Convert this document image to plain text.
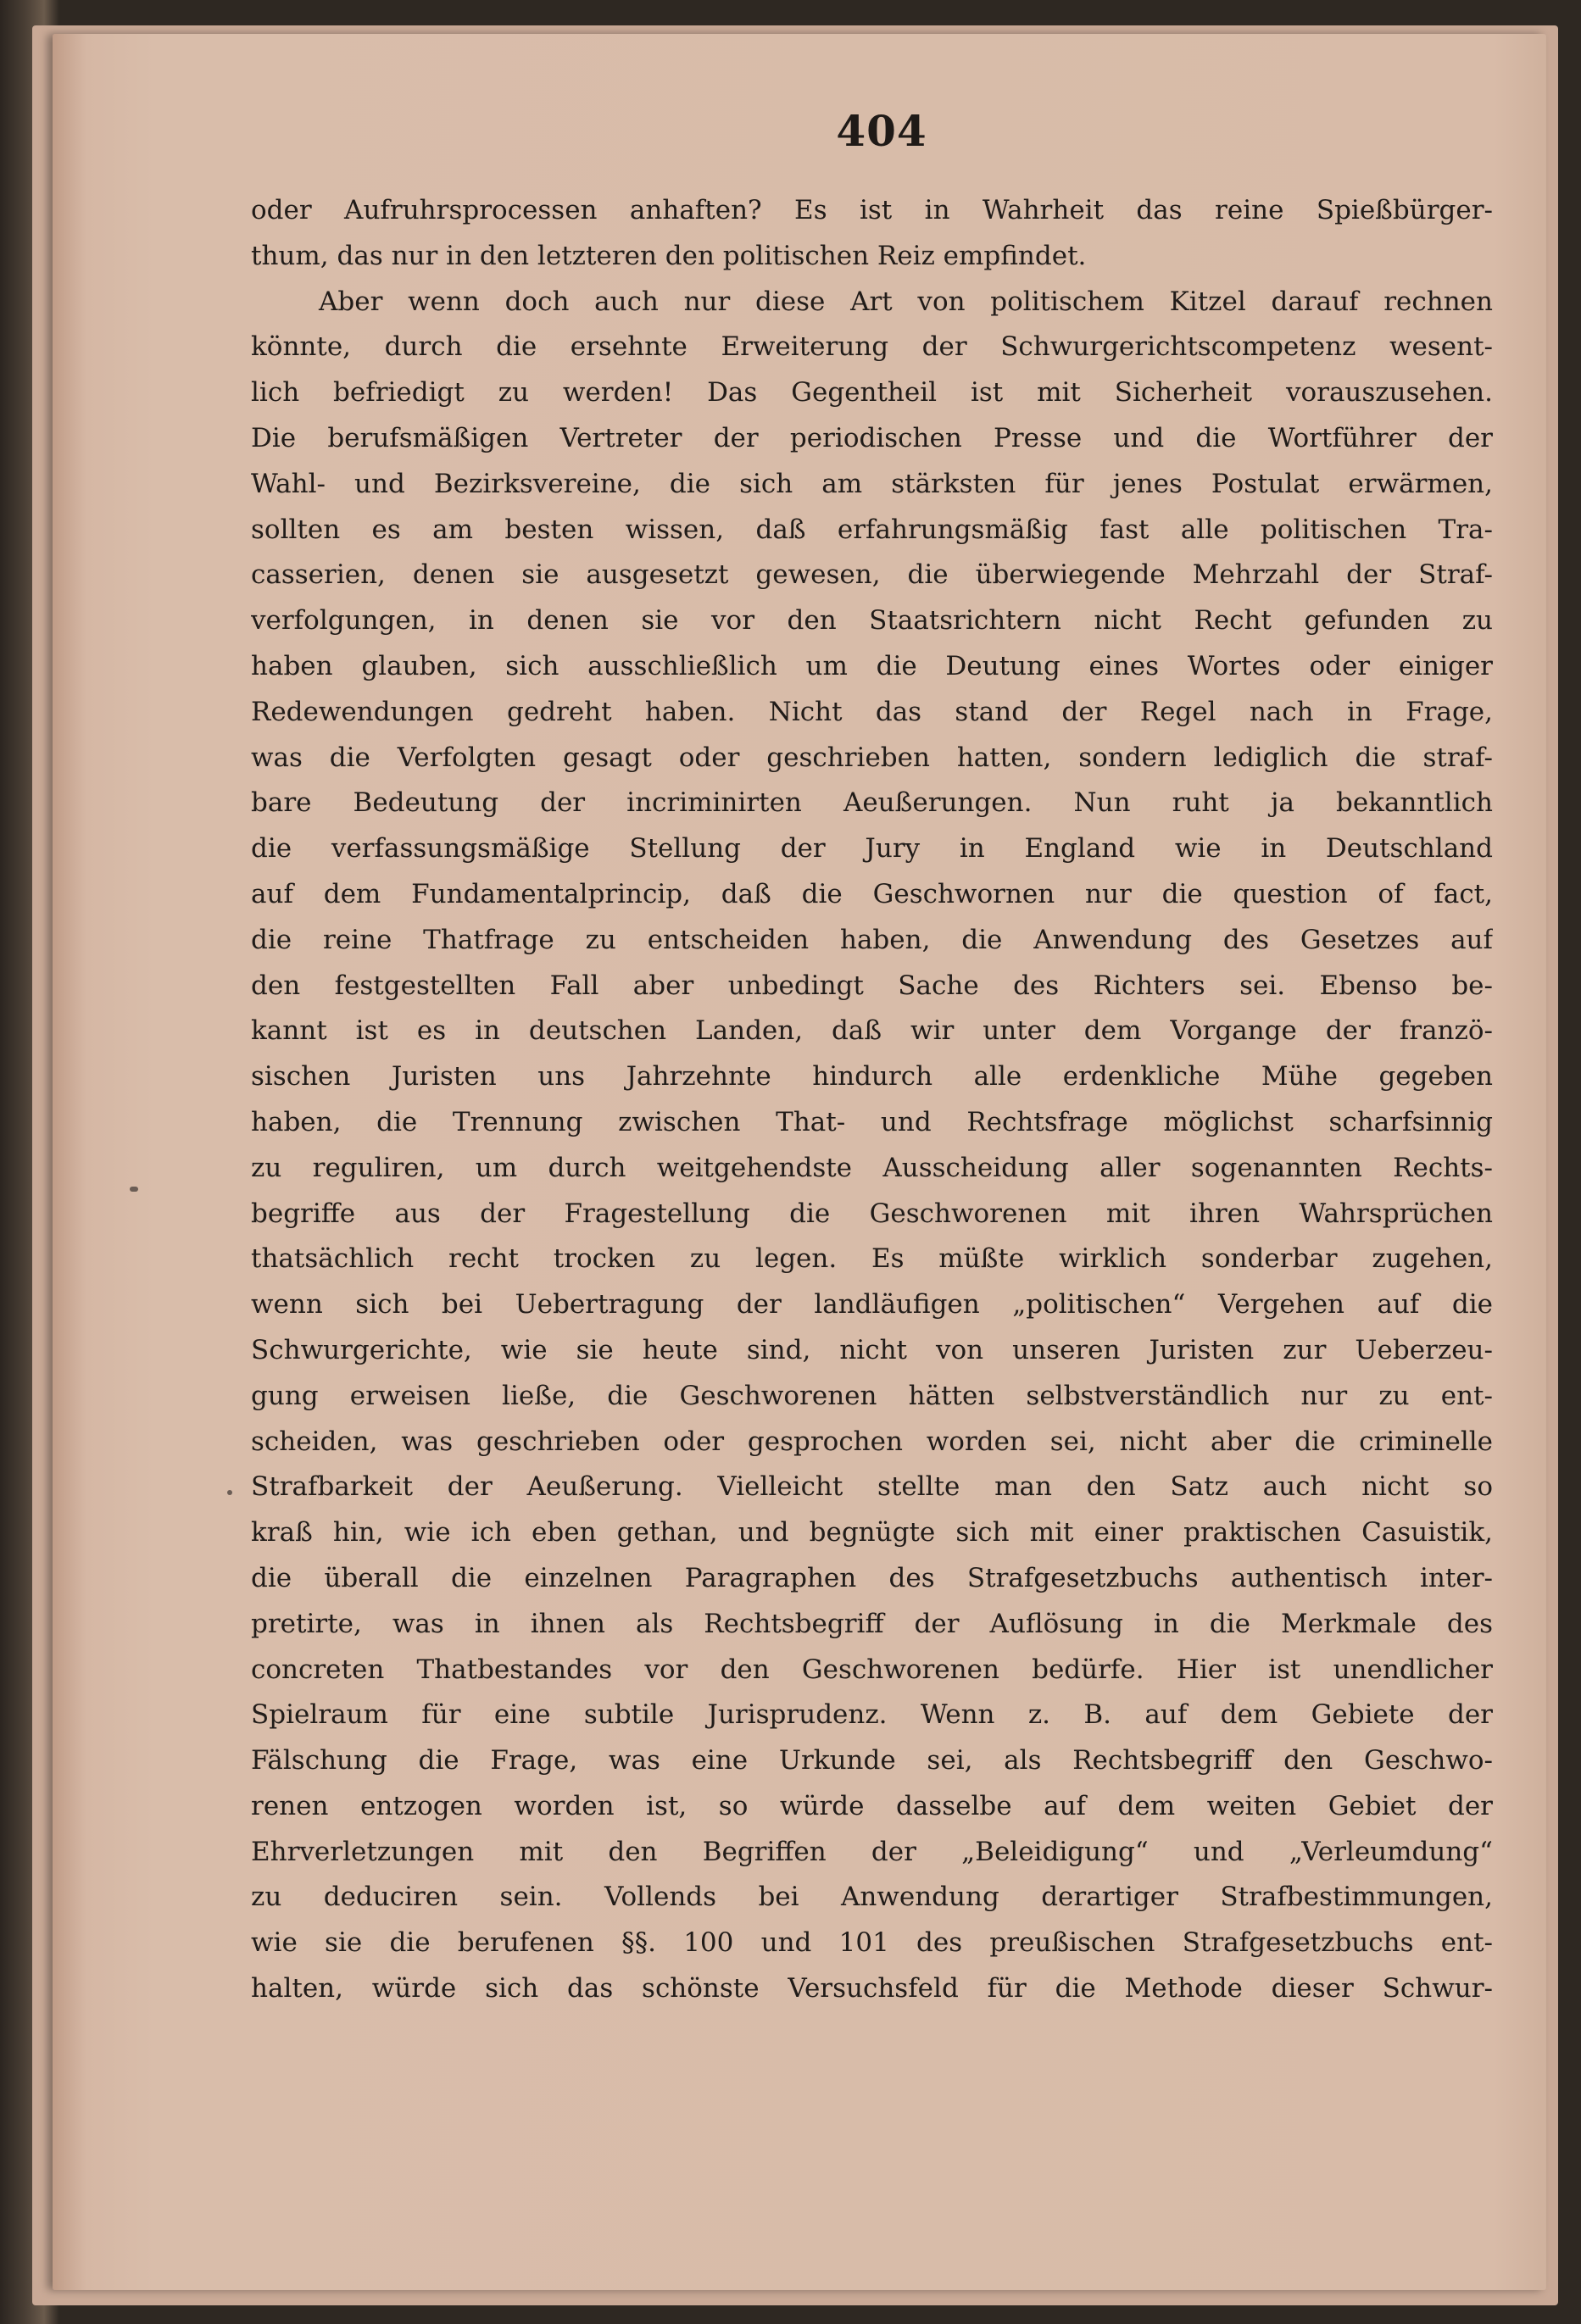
404
oder Aufruhrsprocessen anhaften? Es ist in Wahrheit das reine Spießbürger-
thum, das nur in den letzteren den politischen Reiz empfindet.
Aber wenn doch auch nur diese Art von politischem Kitzel darauf rechnen
könnte, durch die ersehnte Erweiterung der Schwurgerichtscompetenz wesent-
lich befriedigt zu werden! Das Gegentheil ist mit Sicherheit vorauszusehen.
Die berufsmäßigen Vertreter der periodischen Presse und die Wortführer der
Wahl- und Bezirksvereine, die sich am stärksten für jenes Postulat erwärmen,
sollten es am besten wissen, daß erfahrungsmäßig fast alle politischen Tra-
casserien, denen sie ausgesetzt gewesen, die überwiegende Mehrzahl der Straf-
verfolgungen, in denen sie vor den Staatsrichtern nicht Recht gefunden zu
haben glauben, sich ausschließlich um die Deutung eines Wortes oder einiger
Redewendungen gedreht haben. Nicht das stand der Regel nach in Frage,
was die Verfolgten gesagt oder geschrieben hatten, sondern lediglich die straf-
bare Bedeutung der incriminirten Aeußerungen. Nun ruht ja bekanntlich
die verfassungsmäßige Stellung der Jury in England wie in Deutschland
auf dem Fundamentalprincip, daß die Geschwornen nur die question of fact,
die reine Thatfrage zu entscheiden haben, die Anwendung des Gesetzes auf
den festgestellten Fall aber unbedingt Sache des Richters sei. Ebenso be-
kannt ist es in deutschen Landen, daß wir unter dem Vorgange der franzö-
sischen Juristen uns Jahrzehnte hindurch alle erdenkliche Mühe gegeben
haben, die Trennung zwischen That- und Rechtsfrage möglichst scharfsinnig
zu reguliren, um durch weitgehendste Ausscheidung aller sogenannten Rechts-
begriffe aus der Fragestellung die Geschworenen mit ihren Wahrsprüchen
thatsächlich recht trocken zu legen. Es müßte wirklich sonderbar zugehen,
wenn sich bei Uebertragung der landläufigen „politischen“ Vergehen auf die
Schwurgerichte, wie sie heute sind, nicht von unseren Juristen zur Ueberzeu-
gung erweisen ließe, die Geschworenen hätten selbstverständlich nur zu ent-
scheiden, was geschrieben oder gesprochen worden sei, nicht aber die criminelle
Strafbarkeit der Aeußerung. Vielleicht stellte man den Satz auch nicht so
kraß hin, wie ich eben gethan, und begnügte sich mit einer praktischen Casuistik,
die überall die einzelnen Paragraphen des Strafgesetzbuchs authentisch inter-
pretirte, was in ihnen als Rechtsbegriff der Auflösung in die Merkmale des
concreten Thatbestandes vor den Geschworenen bedürfe. Hier ist unendlicher
Spielraum für eine subtile Jurisprudenz. Wenn z. B. auf dem Gebiete der
Fälschung die Frage, was eine Urkunde sei, als Rechtsbegriff den Geschwo-
renen entzogen worden ist, so würde dasselbe auf dem weiten Gebiet der
Ehrverletzungen mit den Begriffen der „Beleidigung“ und „Verleumdung“
zu deduciren sein. Vollends bei Anwendung derartiger Strafbestimmungen,
wie sie die berufenen §§. 100 und 101 des preußischen Strafgesetzbuchs ent-
halten, würde sich das schönste Versuchsfeld für die Methode dieser Schwur-
